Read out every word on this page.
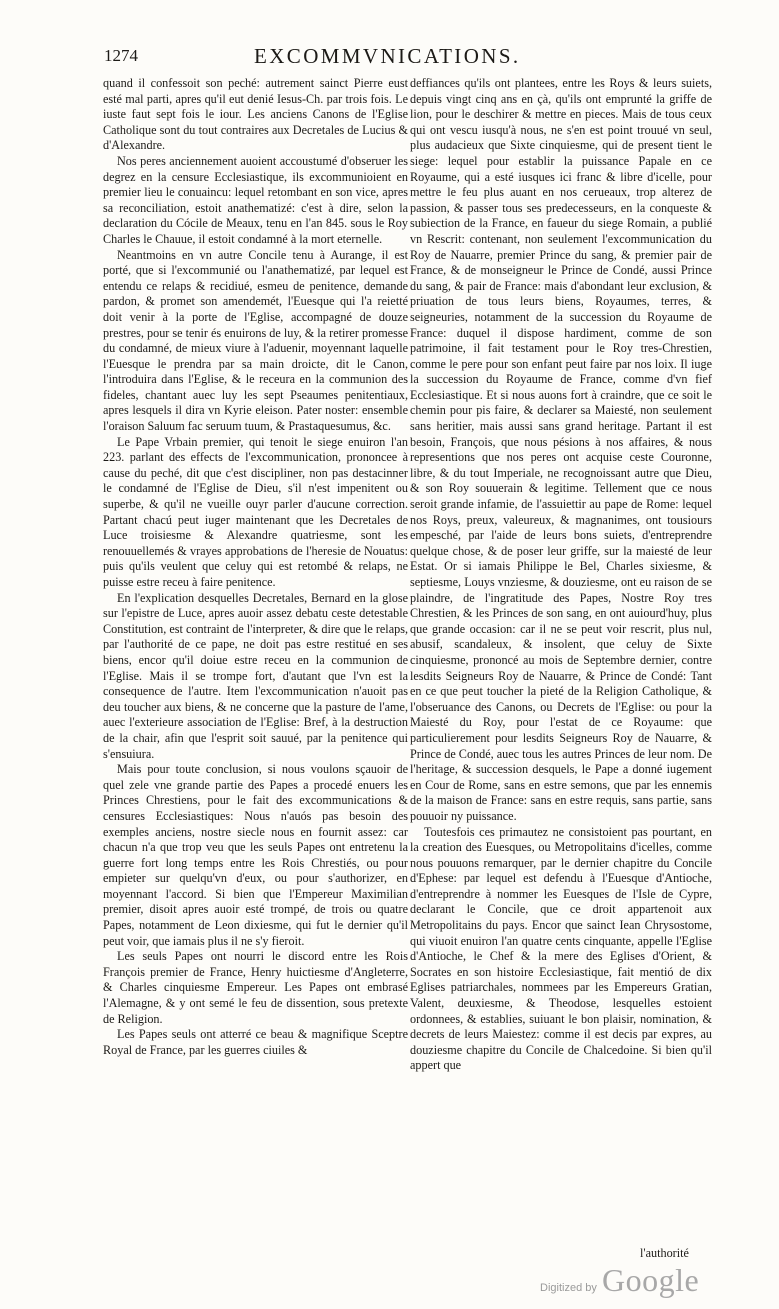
1274	EXCOMMVNICATIONS.

quand il confessoit son peché: autrement sainct Pierre eust esté mal parti, apres qu'il eut denié Iesus-Ch. par trois fois. Le iuste faut sept fois le iour. Les anciens Canons de l'Eglise Catholique sont du tout contraires aux Decretales de Lucius & d'Alexandre.

Nos peres anciennement auoient accoustumé d'obseruer les degrez en la censure Ecclesiastique, ils excommunioient en premier lieu le conuaincu: lequel retombant en son vice, apres sa reconciliation, estoit anathematizé: c'est à dire, selon la declaration du Cócile de Meaux, tenu en l'an 845. sous le Roy Charles le Chauue, il estoit condamné à la mort eternelle.

Neantmoins en vn autre Concile tenu à Aurange, il est porté, que si l'excommunié ou l'anathematizé, par lequel est entendu ce relaps & recidiué, esmeu de penitence, demande pardon, & promet son amendemét, l'Euesque qui l'a reietté doit venir à la porte de l'Eglise, accompagné de douze prestres, pour se tenir és enuirons de luy, & la retirer promesse du condamné, de mieux viure à l'aduenir, moyennant laquelle l'Euesque le prendra par sa main droicte, dit le Canon, l'introduira dans l'Eglise, & le receura en la communion des fideles, chantant auec luy les sept Pseaumes penitentiaux, apres lesquels il dira vn Kyrie eleison. Pater noster: ensemble l'oraison Saluum fac seruum tuum, & Prastaquesumus, &c.

Le Pape Vrbain premier, qui tenoit le siege enuiron l'an 223. parlant des effects de l'excommunication, prononcee à cause du peché, dit que c'est discipliner, non pas destacinner le condamné de l'Eglise de Dieu, s'il n'est impenitent ou superbe, & qu'il ne vueille ouyr parler d'aucune correction. Partant chacú peut iuger maintenant que les Decretales de Luce troisiesme & Alexandre quatriesme, sont les renouuellemés & vrayes approbations de l'heresie de Nouatus: puis qu'ils veulent que celuy qui est retombé & relaps, ne puisse estre receu à faire penitence.

En l'explication desquelles Decretales, Bernard en la glose sur l'epistre de Luce, apres auoir assez debatu ceste detestable Constitution, est contraint de l'interpreter, & dire que le relaps, par l'authorité de ce pape, ne doit pas estre restitué en ses biens, encor qu'il doiue estre receu en la communion de l'Eglise. Mais il se trompe fort, d'autant que l'vn est la consequence de l'autre. Item l'excommunication n'auoit pas deu toucher aux biens, & ne concerne que la pasture de l'ame, auec l'exterieure association de l'Eglise: Bref, à la destruction de la chair, afin que l'esprit soit sauué, par la penitence qui s'ensuiura.

Mais pour toute conclusion, si nous voulons sçauoir de quel zele vne grande partie des Papes a procedé enuers les Princes Chrestiens, pour le fait des excommunications & censures Ecclesiastiques: Nous n'auós pas besoin des exemples anciens, nostre siecle nous en fournit assez: car chacun n'a que trop veu que les seuls Papes ont entretenu la guerre fort long temps entre les Rois Chrestiés, ou pour empieter sur quelqu'vn d'eux, ou pour s'authorizer, en moyennant l'accord. Si bien que l'Empereur Maximilian premier, disoit apres auoir esté trompé, de trois ou quatre Papes, notamment de Leon dixiesme, qui fut le dernier qu'il peut voir, que iamais plus il ne s'y fieroit.

Les seuls Papes ont nourri le discord entre les Rois François premier de France, Henry huictiesme d'Angleterre, & Charles cinquiesme Empereur. Les Papes ont embrasé l'Alemagne, & y ont semé le feu de dissention, sous pretexte de Religion.

Les Papes seuls ont atterré ce beau & magnifique Sceptre Royal de France, par les guerres ciuiles &

deffiances qu'ils ont plantees, entre les Roys & leurs suiets, depuis vingt cinq ans en çà, qu'ils ont emprunté la griffe de lion, pour le deschirer & mettre en pieces. Mais de tous ceux qui ont vescu iusqu'à nous, ne s'en est point trouué vn seul, plus audacieux que Sixte cinquiesme, qui de present tient le siege: lequel pour establir la puissance Papale en ce Royaume, qui a esté iusques ici franc & libre d'icelle, pour mettre le feu plus auant en nos cerueaux, trop alterez de passion, & passer tous ses predecesseurs, en la conqueste & subiection de la France, en faueur du siege Romain, a publié vn Rescrit: contenant, non seulement l'excommunication du Roy de Nauarre, premier Prince du sang, & premier pair de France, & de monseigneur le Prince de Condé, aussi Prince du sang, & pair de France: mais d'abondant leur exclusion, & priuation de tous leurs biens, Royaumes, terres, & seigneuries, notamment de la succession du Royaume de France: duquel il dispose hardiment, comme de son patrimoine, il fait testament pour le Roy tres-Chrestien, comme le pere pour son enfant peut faire par nos loix. Il iuge la succession du Royaume de France, comme d'vn fief Ecclesiastique. Et si nous auons fort à craindre, que ce soit le chemin pour pis faire, & declarer sa Maiesté, non seulement sans heritier, mais aussi sans grand heritage. Partant il est besoin, François, que nous pésions à nos affaires, & nous representions que nos peres ont acquise ceste Couronne, libre, & du tout Imperiale, ne recognoissant autre que Dieu, & son Roy souuerain & legitime. Tellement que ce nous seroit grande infamie, de l'assuiettir au pape de Rome: lequel nos Roys, preux, valeureux, & magnanimes, ont tousiours empesché, par l'aide de leurs bons suiets, d'entreprendre quelque chose, & de poser leur griffe, sur la maiesté de leur Estat. Or si iamais Philippe le Bel, Charles sixiesme, & septiesme, Louys vnziesme, & douziesme, ont eu raison de se plaindre, de l'ingratitude des Papes, Nostre Roy tres Chrestien, & les Princes de son sang, en ont auiourd'huy, plus que grande occasion: car il ne se peut voir rescrit, plus nul, abusif, scandaleux, & insolent, que celuy de Sixte cinquiesme, prononcé au mois de Septembre dernier, contre lesdits Seigneurs Roy de Nauarre, & Prince de Condé: Tant en ce que peut toucher la pieté de la Religion Catholique, & l'obseruance des Canons, ou Decrets de l'Eglise: ou pour la Maiesté du Roy, pour l'estat de ce Royaume: que particulierement pour lesdits Seigneurs Roy de Nauarre, & Prince de Condé, auec tous les autres Princes de leur nom. De l'heritage, & succession desquels, le Pape a donné iugement en Cour de Rome, sans en estre semons, que par les ennemis de la maison de France: sans en estre requis, sans partie, sans pouuoir ny puissance.

Toutesfois ces primautez ne consistoient pas pourtant, en la creation des Euesques, ou Metropolitains d'icelles, comme nous pouuons remarquer, par le dernier chapitre du Concile d'Ephese: par lequel est defendu à l'Euesque d'Antioche, d'entreprendre à nommer les Euesques de l'Isle de Cypre, declarant le Concile, que ce droit appartenoit aux Metropolitains du pays. Encor que sainct Iean Chrysostome, qui viuoit enuiron l'an quatre cents cinquante, appelle l'Eglise d'Antioche, le Chef & la mere des Eglises d'Orient, & Socrates en son histoire Ecclesiastique, fait mentió de dix Eglises patriarchales, nommees par les Empereurs Gratian, Valent, deuxiesme, & Theodose, lesquelles estoient ordonnees, & establies, suiuant le bon plaisir, nomination, & decrets de leurs Maiestez: comme il est decis par expres, au douziesme chapitre du Concile de Chalcedoine. Si bien qu'il appert que

l'authorité
Digitized by Google
